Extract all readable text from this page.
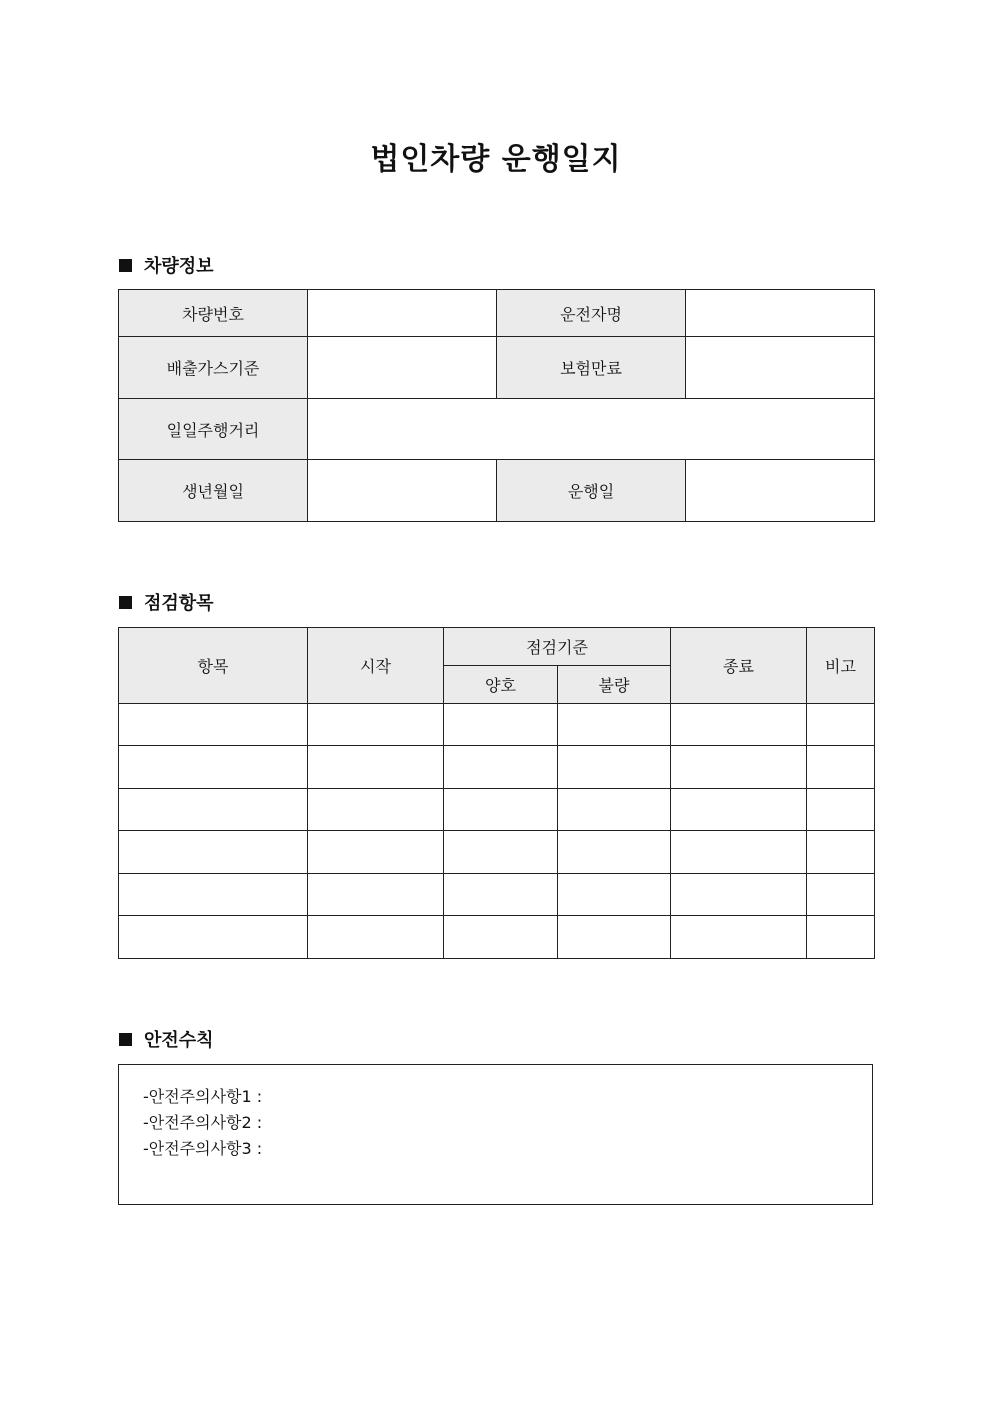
법인차량 운행일지
차량정보
차량번호		운전자명	
배출가스기준		보험만료	
일일주행거리			
생년월일		운행일	
점검항목
항목	시작	점검기준		종료	비고
		양호	불량		

안전수칙
-안전주의사항1 :
-안전주의사항2 :
-안전주의사항3 :
